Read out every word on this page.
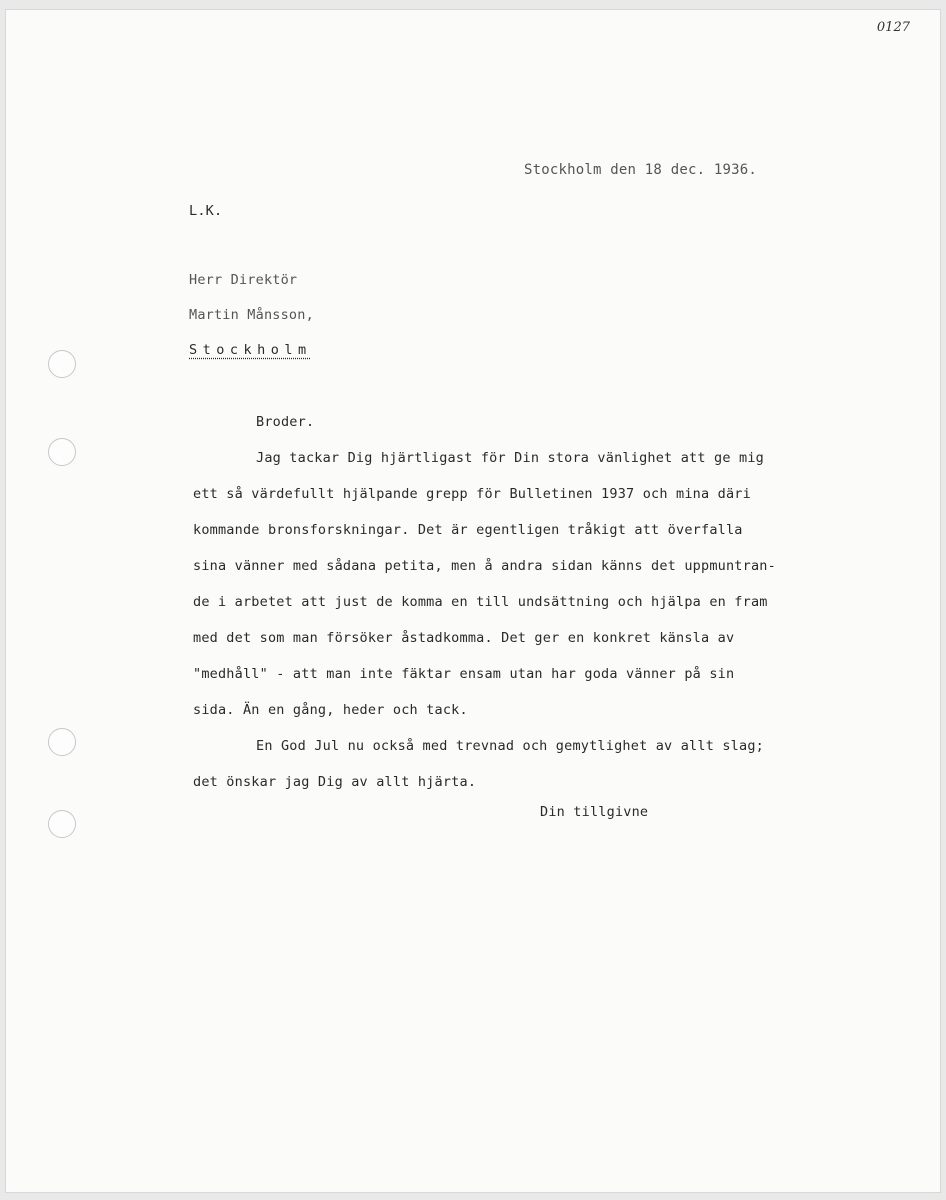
0127
Stockholm den 18 dec. 1936.
L.K.
Herr Direktör
Martin Månsson,
Stockholm
Broder.
Jag tackar Dig hjärtligast för Din stora vänlighet att ge mig
ett så värdefullt hjälpande grepp för Bulletinen 1937 och mina däri
kommande bronsforskningar. Det är egentligen tråkigt att överfalla
sina vänner med sådana petita, men å andra sidan känns det uppmuntran-
de i arbetet att just de komma en till undsättning och hjälpa en fram
med det som man försöker åstadkomma. Det ger en konkret känsla av
"medhåll" - att man inte fäktar ensam utan har goda vänner på sin
sida. Än en gång, heder och tack.
En God Jul nu också med trevnad och gemytlighet av allt slag;
det önskar jag Dig av allt hjärta.
Din tillgivne
